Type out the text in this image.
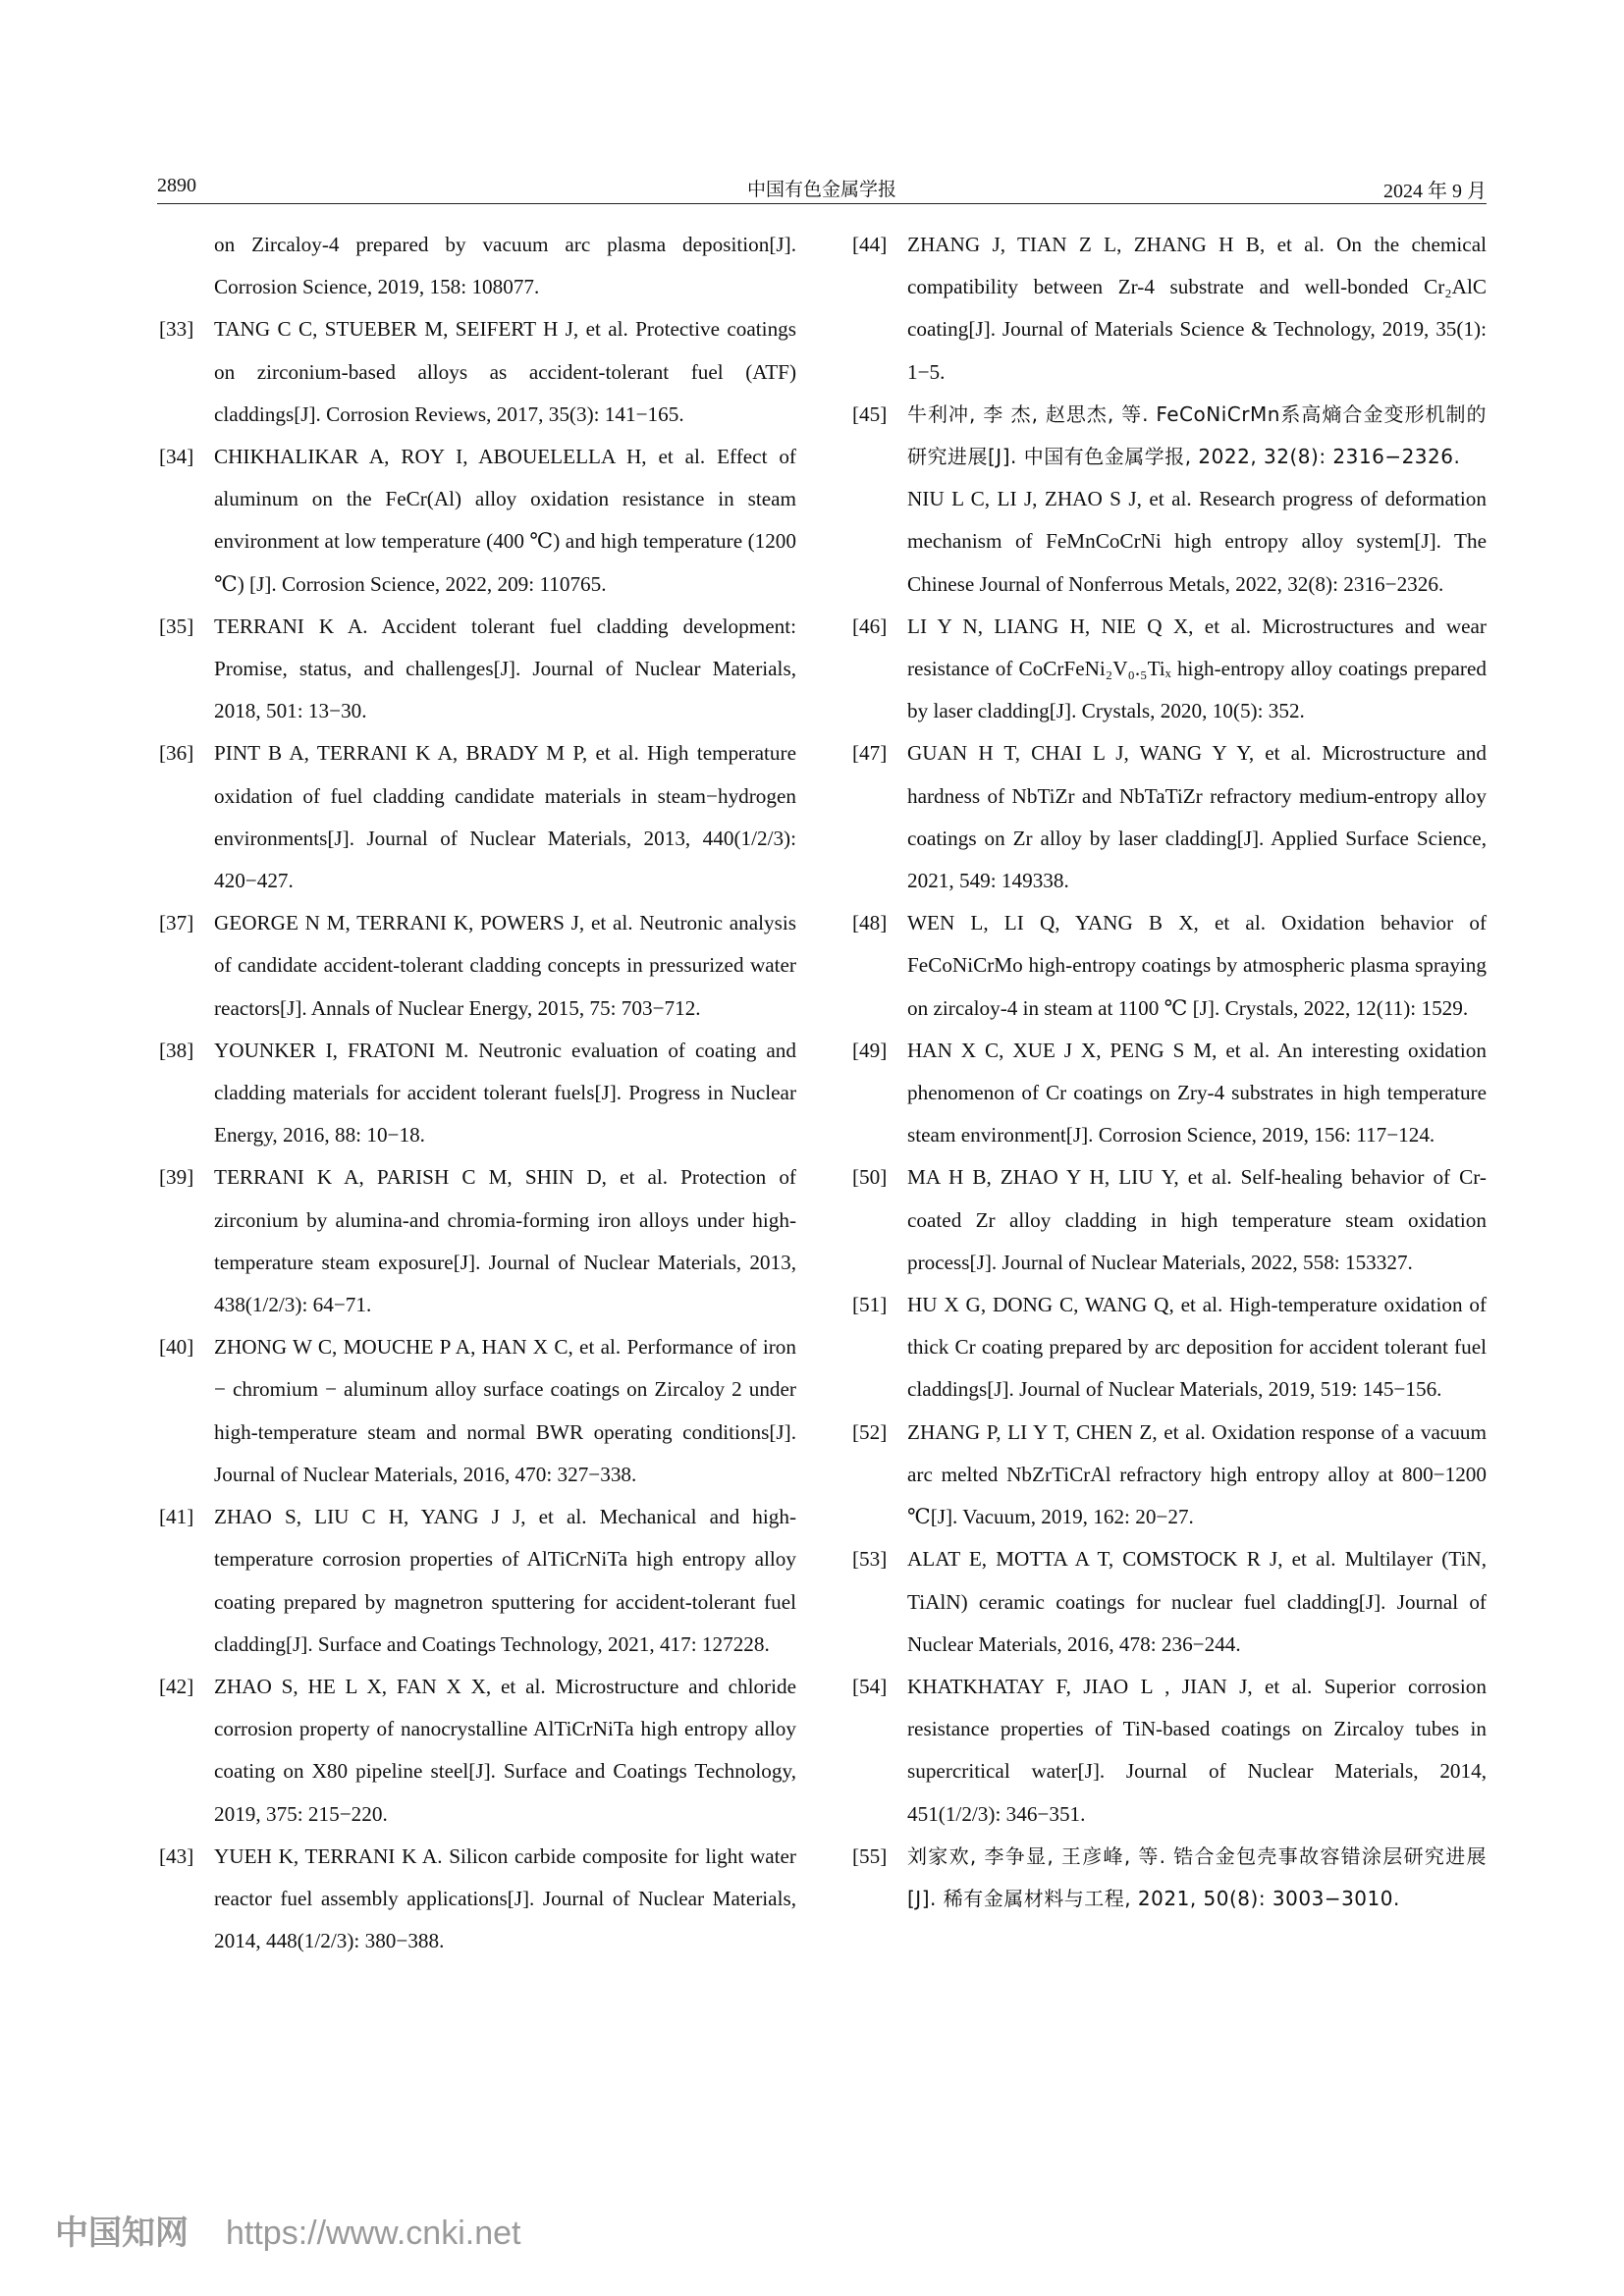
2890	中国有色金属学报	2024 年 9 月
on Zircaloy-4 prepared by vacuum arc plasma deposition[J]. Corrosion Science, 2019, 158: 108077.
[33] TANG C C, STUEBER M, SEIFERT H J, et al. Protective coatings on zirconium-based alloys as accident-tolerant fuel (ATF) claddings[J]. Corrosion Reviews, 2017, 35(3): 141−165.
[34] CHIKHALIKAR A, ROY I, ABOUELELLA H, et al. Effect of aluminum on the FeCr(Al) alloy oxidation resistance in steam environment at low temperature (400 ℃) and high temperature (1200 ℃) [J]. Corrosion Science, 2022, 209: 110765.
[35] TERRANI K A. Accident tolerant fuel cladding development: Promise, status, and challenges[J]. Journal of Nuclear Materials, 2018, 501: 13−30.
[36] PINT B A, TERRANI K A, BRADY M P, et al. High temperature oxidation of fuel cladding candidate materials in steam−hydrogen environments[J]. Journal of Nuclear Materials, 2013, 440(1/2/3): 420−427.
[37] GEORGE N M, TERRANI K, POWERS J, et al. Neutronic analysis of candidate accident-tolerant cladding concepts in pressurized water reactors[J]. Annals of Nuclear Energy, 2015, 75: 703−712.
[38] YOUNKER I, FRATONI M. Neutronic evaluation of coating and cladding materials for accident tolerant fuels[J]. Progress in Nuclear Energy, 2016, 88: 10−18.
[39] TERRANI K A, PARISH C M, SHIN D, et al. Protection of zirconium by alumina-and chromia-forming iron alloys under high-temperature steam exposure[J]. Journal of Nuclear Materials, 2013, 438(1/2/3): 64−71.
[40] ZHONG W C, MOUCHE P A, HAN X C, et al. Performance of iron − chromium − aluminum alloy surface coatings on Zircaloy 2 under high-temperature steam and normal BWR operating conditions[J]. Journal of Nuclear Materials, 2016, 470: 327−338.
[41] ZHAO S, LIU C H, YANG J J, et al. Mechanical and high-temperature corrosion properties of AlTiCrNiTa high entropy alloy coating prepared by magnetron sputtering for accident-tolerant fuel cladding[J]. Surface and Coatings Technology, 2021, 417: 127228.
[42] ZHAO S, HE L X, FAN X X, et al. Microstructure and chloride corrosion property of nanocrystalline AlTiCrNiTa high entropy alloy coating on X80 pipeline steel[J]. Surface and Coatings Technology, 2019, 375: 215−220.
[43] YUEH K, TERRANI K A. Silicon carbide composite for light water reactor fuel assembly applications[J]. Journal of Nuclear Materials, 2014, 448(1/2/3): 380−388.
[44] ZHANG J, TIAN Z L, ZHANG H B, et al. On the chemical compatibility between Zr-4 substrate and well-bonded Cr₂AlC coating[J]. Journal of Materials Science & Technology, 2019, 35(1): 1−5.
[45] 牛利冲, 李 杰, 赵思杰, 等. FeCoNiCrMn系高熵合金变形机制的研究进展[J]. 中国有色金属学报, 2022, 32(8): 2316−2326.
NIU L C, LI J, ZHAO S J, et al. Research progress of deformation mechanism of FeMnCoCrNi high entropy alloy system[J]. The Chinese Journal of Nonferrous Metals, 2022, 32(8): 2316−2326.
[46] LI Y N, LIANG H, NIE Q X, et al. Microstructures and wear resistance of CoCrFeNi₂V₀.₅Tiₓ high-entropy alloy coatings prepared by laser cladding[J]. Crystals, 2020, 10(5): 352.
[47] GUAN H T, CHAI L J, WANG Y Y, et al. Microstructure and hardness of NbTiZr and NbTaTiZr refractory medium-entropy alloy coatings on Zr alloy by laser cladding[J]. Applied Surface Science, 2021, 549: 149338.
[48] WEN L, LI Q, YANG B X, et al. Oxidation behavior of FeCoNiCrMo high-entropy coatings by atmospheric plasma spraying on zircaloy-4 in steam at 1100 ℃ [J]. Crystals, 2022, 12(11): 1529.
[49] HAN X C, XUE J X, PENG S M, et al. An interesting oxidation phenomenon of Cr coatings on Zry-4 substrates in high temperature steam environment[J]. Corrosion Science, 2019, 156: 117−124.
[50] MA H B, ZHAO Y H, LIU Y, et al. Self-healing behavior of Cr-coated Zr alloy cladding in high temperature steam oxidation process[J]. Journal of Nuclear Materials, 2022, 558: 153327.
[51] HU X G, DONG C, WANG Q, et al. High-temperature oxidation of thick Cr coating prepared by arc deposition for accident tolerant fuel claddings[J]. Journal of Nuclear Materials, 2019, 519: 145−156.
[52] ZHANG P, LI Y T, CHEN Z, et al. Oxidation response of a vacuum arc melted NbZrTiCrAl refractory high entropy alloy at 800−1200 ℃[J]. Vacuum, 2019, 162: 20−27.
[53] ALAT E, MOTTA A T, COMSTOCK R J, et al. Multilayer (TiN, TiAlN) ceramic coatings for nuclear fuel cladding[J]. Journal of Nuclear Materials, 2016, 478: 236−244.
[54] KHATKHATAY F, JIAO L , JIAN J, et al. Superior corrosion resistance properties of TiN-based coatings on Zircaloy tubes in supercritical water[J]. Journal of Nuclear Materials, 2014, 451(1/2/3): 346−351.
[55] 刘家欢, 李争显, 王彦峰, 等. 锆合金包壳事故容错涂层研究进展[J]. 稀有金属材料与工程, 2021, 50(8): 3003−3010.
中国知网 https://www.cnki.net
